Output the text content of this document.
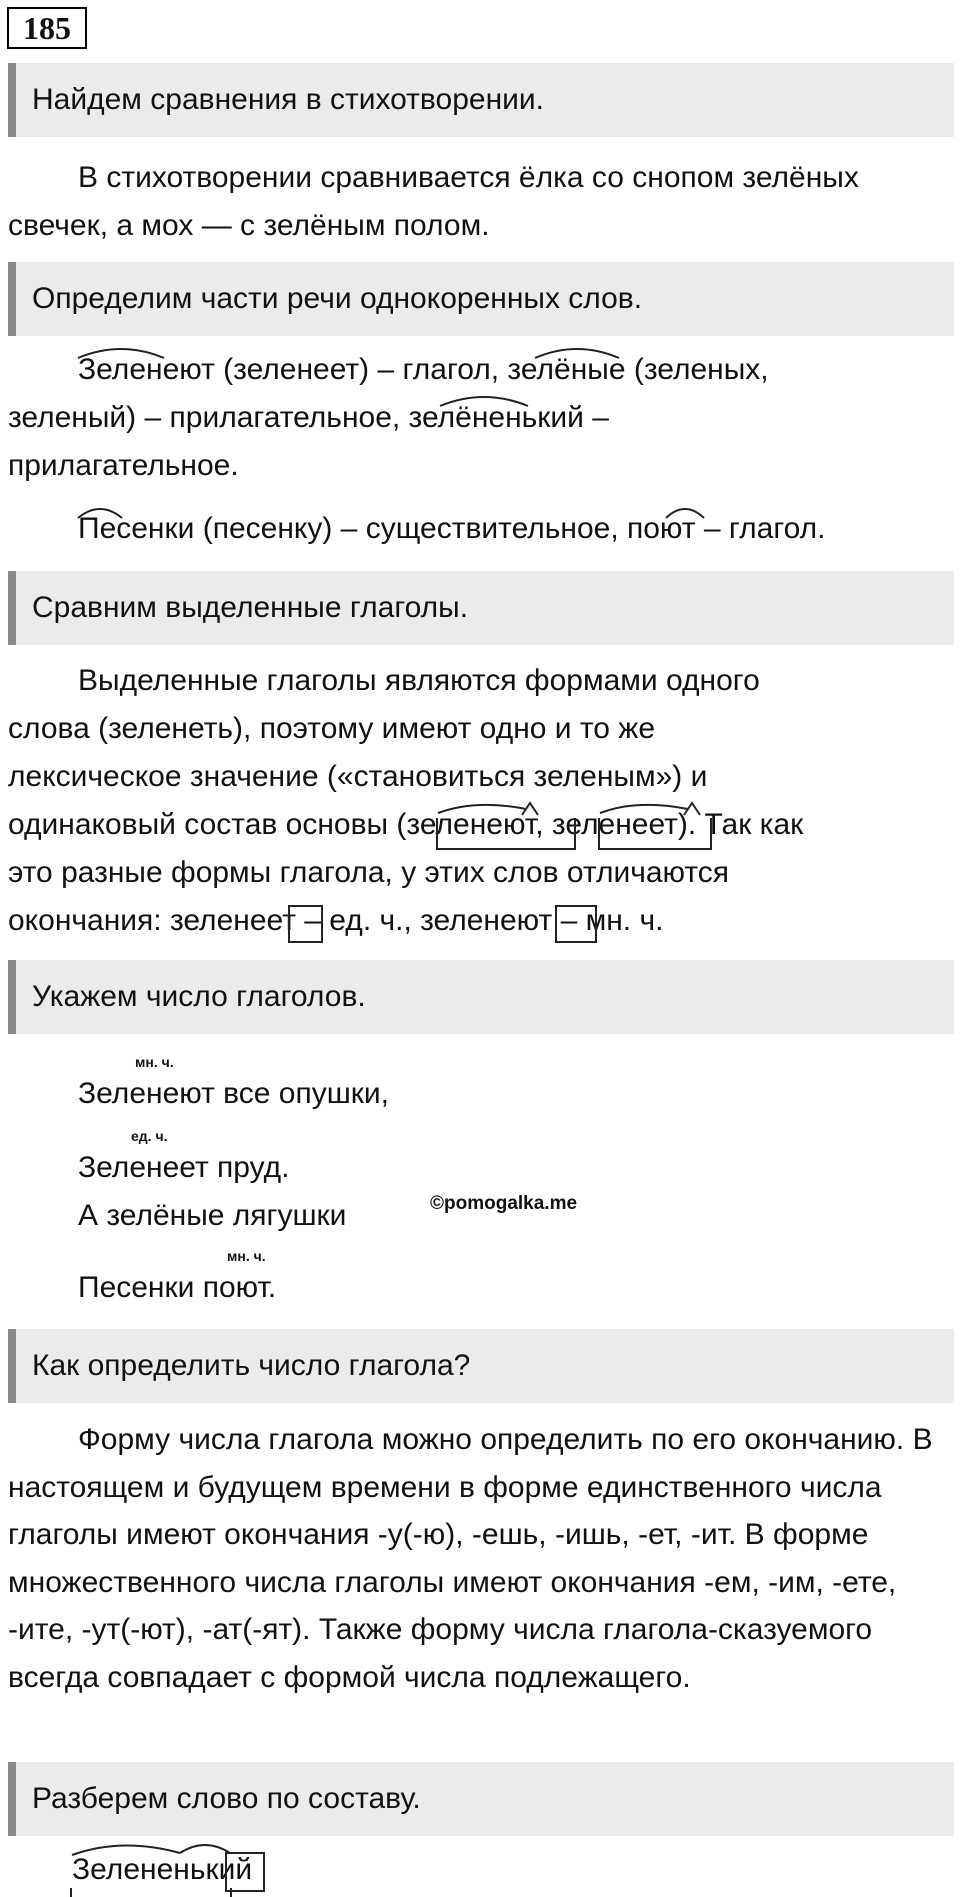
185
Найдем сравнения в стихотворении.
В стихотворении сравнивается ёлка со снопом зелёных свечек, а мох — с зелёным полом.
Определим части речи однокоренных слов.
Зеленеют (зеленеет) – глагол, зелёные (зеленых,
зеленый) – прилагательное, зелёненький –
прилагательное.
Песенки (песенку) – существительное, поют – глагол.
Сравним выделенные глаголы.
Выделенные глаголы являются формами одного
слова (зеленеть), поэтому имеют одно и то же
лексическое значение («становиться зеленым») и
одинаковый состав основы (зеленеют, зеленеет). Так как
это разные формы глагола, у этих слов отличаются
окончания: зеленеет – ед. ч., зеленеют – мн. ч.
Укажем число глаголов.
мн. ч.
Зеленеют все опушки,
ед. ч.
Зеленеет пруд.
А зелёные лягушки
мн. ч.
Песенки поют.
©pomogalka.me
Как определить число глагола?
Форму числа глагола можно определить по его окончанию. В настоящем и будущем времени в форме единственного числа глаголы имеют окончания -у(-ю), -ешь, -ишь, -ет, -ит. В форме множественного числа глаголы имеют окончания -ем, -им, -ете, -ите, -ут(-ют), -ат(-ят). Также форму числа глагола-сказуемого всегда совпадает с формой числа подлежащего.
Разберем слово по составу.
Зелененький
